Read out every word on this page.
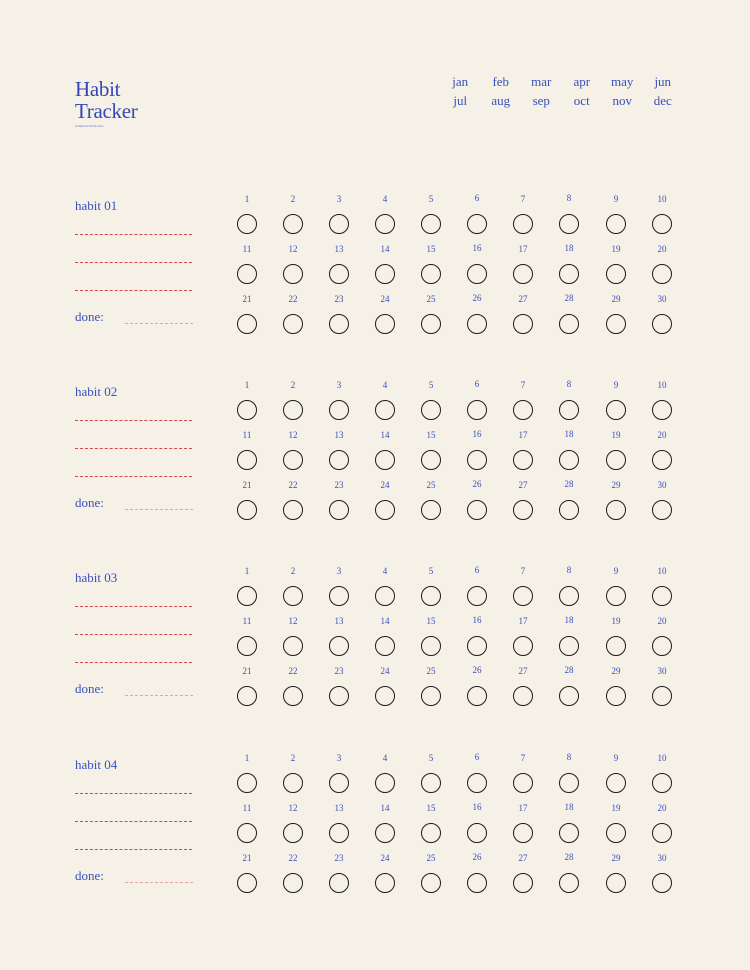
Habit
Tracker
minimum Printables
jan	feb	mar	apr	may	jun
jul	aug	sep	oct	nov	dec
habit 01
done:
1	2	3	4	5	6	7	8	9	10
11	12	13	14	15	16	17	18	19	20
21	22	23	24	25	26	27	28	29	30
habit 02
done:
1	2	3	4	5	6	7	8	9	10
11	12	13	14	15	16	17	18	19	20
21	22	23	24	25	26	27	28	29	30
habit 03
done:
1	2	3	4	5	6	7	8	9	10
11	12	13	14	15	16	17	18	19	20
21	22	23	24	25	26	27	28	29	30
habit 04
done:
1	2	3	4	5	6	7	8	9	10
11	12	13	14	15	16	17	18	19	20
21	22	23	24	25	26	27	28	29	30
